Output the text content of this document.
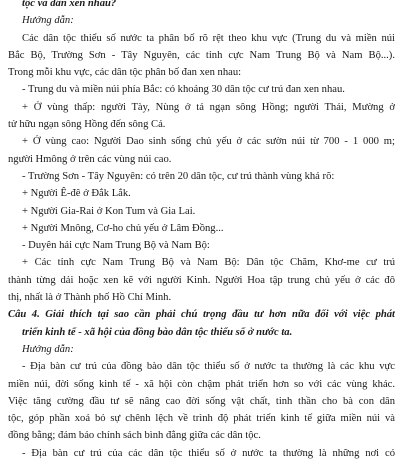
tộc và dân xen nhau?
Hướng dẫn:
Các dân tộc thiểu số nước ta phân bố rõ rệt theo khu vực (Trung du và miền núi
Bắc Bộ, Trường Sơn - Tây Nguyên, các tỉnh cực Nam Trung Bộ và Nam Bộ...).
Trong mỗi khu vực, các dân tộc phân bố đan xen nhau:
- Trung du và miền núi phía Bắc: có khoảng 30 dân tộc cư trú đan xen nhau.
+ Ở vùng thấp: người Tày, Nùng ở tả ngạn sông Hồng; người Thái, Mường ở
tử hữu ngạn sông Hồng đến sông Cả.
+ Ở vùng cao: Người Dao sinh sống chủ yếu ở các sườn núi từ 700 - 1 000 m;
người Hmông ở trên các vùng núi cao.
- Trường Sơn - Tây Nguyên: có trên 20 dân tộc, cư trú thành vùng khá rõ:
+ Người Ê-đê ở Đắk Lắk.
+ Người Gia-Rai ở Kon Tum và Gia Lai.
+ Người Mnông, Cơ-ho chủ yếu ở Lâm Đồng...
- Duyên hải cực Nam Trung Bộ và Nam Bộ:
+ Các tỉnh cực Nam Trung Bộ và Nam Bộ: Dân tộc Chăm, Khơ-me cư trú
thành từng dải hoặc xen kẽ với người Kinh. Người Hoa tập trung chủ yếu ở các đô
thị, nhất là ở Thành phố Hồ Chí Minh.
Câu 4. Giải thích tại sao cần phải chú trọng đầu tư hơn nữa đối với việc phát
triển kinh tế - xã hội của đồng bào dân tộc thiểu số ở nước ta.
Hướng dẫn:
- Địa bàn cư trú của đồng bào dân tộc thiểu số ở nước ta thường là các khu vực
miền núi, đời sống kinh tế - xã hội còn chậm phát triển hơn so với các vùng khác.
Việc tăng cường đầu tư sẽ nâng cao đời sống vật chất, tinh thần cho bà con dân
tộc, góp phần xoá bỏ sự chênh lệch về trình độ phát triển kinh tế giữa miền núi và
đồng bằng; đảm bảo chính sách bình đẳng giữa các dân tộc.
- Địa bàn cư trú của các dân tộc thiểu số ở nước ta thường là những nơi có
